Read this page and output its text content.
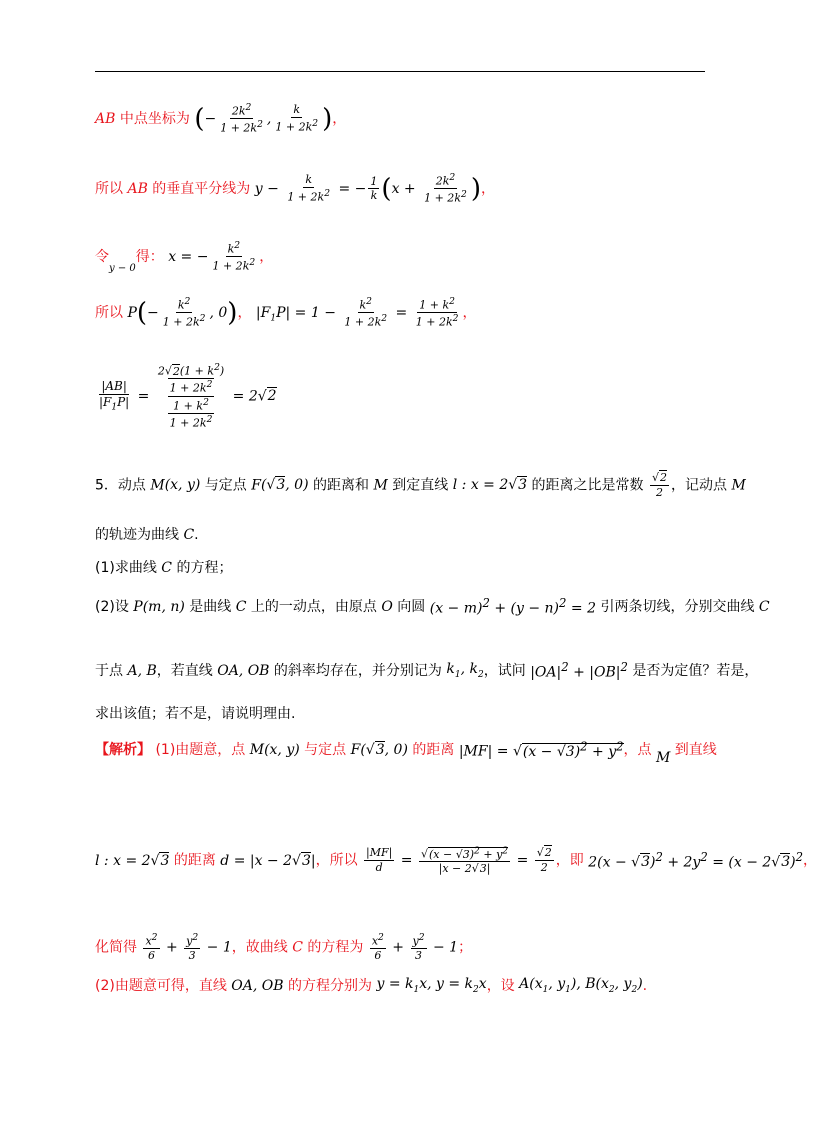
AB 中点坐标为 (− $\frac{2k^2}{1 + 2k^2}$ , $\frac{k}{1 + 2k^2}$ )，
所以 AB 的垂直平分线为 $y - \frac{k}{1 + 2k^2}$ = − $\frac{1}{k} (x + \frac{2k^2}{1 + 2k^2}$ )，
令y − 0得： x = − $\frac{k^2}{1 + 2k^2}$ ，
所以 $P(- \frac{k^2}{1 + 2k^2}$ , 0)， $|F_1P| = 1 - \frac{k^2}{1 + 2k^2} = \frac{1 + k^2}{1 + 2k^2}$ ，
$\frac{|AB|}{|F_1P|}$ =
$2√2(1 + k^2)$
$1 + 2k^2$
$1 + k^2$
$1 + 2k^2$
= 2√2
5．动点 M(x, y) 与定点 F(√3, 0) 的距离和 M 到定直线 l : x = 2√3 的距离之比是常数 $\frac{√2}{2}$ ，记动点 M
的轨迹为曲线 C.
(1)求曲线 C 的方程；
(2)设 P(m, n) 是曲线 C 上的一动点，由原点 O 向圆 $(x - m)^2 + (y - n)^2 = 2$ 引两条切线，分别交曲线 C
于点 A, B，若直线 OA, OB 的斜率均存在，并分别记为 $k_1$, $k_2$，试问 $|OA|^2 + |OB|^2$ 是否为定值？若是，
求出该值；若不是，请说明理由.
【解析】 (1)由题意，点 M(x, y) 与定点 F(√3, 0) 的距离 $|MF| = √(x - √3)^2 + y^2$，点 M 到直线
l : x = 2√3 的距离 d = |x − 2√3|，所以 $\frac{|MF|}{d} = \frac{√(x - √3)^2 + y^2}{|x - 2√3|} = \frac{√2}{2}$ ，即 $2(x - √3)^2 + 2y^2 = (x - 2√3)^2$，
化简得 $\frac{x^2}{6} + \frac{y^2}{3} - 1$，故曲线 C 的方程为 $\frac{x^2}{6} + \frac{y^2}{3} - 1$；
(2)由题意可得，直线 OA, OB 的方程分别为 $y = k_1x$, $y = k_2x$，设 $A(x_1$, $y_1$), $B(x_2$, $y_2$).
